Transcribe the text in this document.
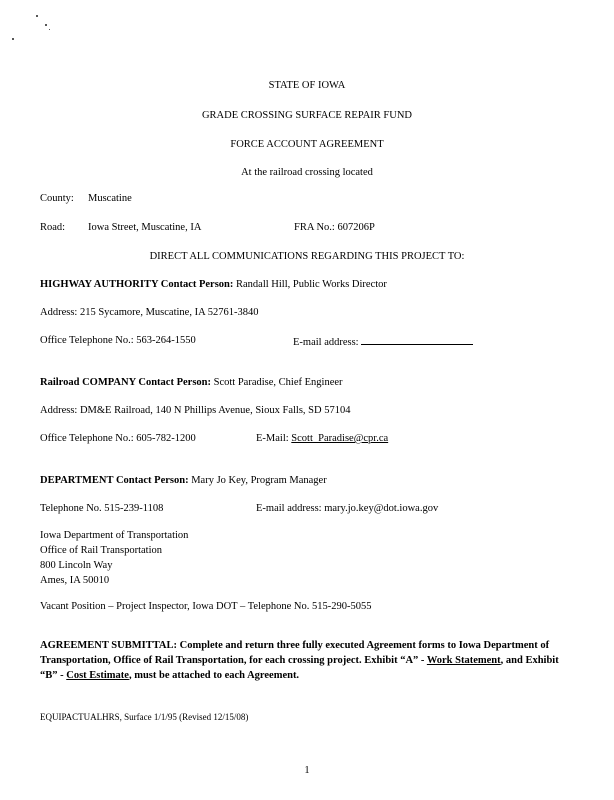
STATE OF IOWA
GRADE CROSSING SURFACE REPAIR FUND
FORCE ACCOUNT AGREEMENT
At the railroad crossing located
County: Muscatine
Road: Iowa Street, Muscatine, IA	FRA No.: 607206P
DIRECT ALL COMMUNICATIONS REGARDING THIS PROJECT TO:
HIGHWAY AUTHORITY Contact Person: Randall Hill, Public Works Director
Address: 215 Sycamore, Muscatine, IA 52761-3840
Office Telephone No.: 563-264-1550	E-mail address:
Railroad COMPANY Contact Person: Scott Paradise, Chief Engineer
Address: DM&E Railroad, 140 N Phillips Avenue, Sioux Falls, SD 57104
Office Telephone No.: 605-782-1200	E-Mail: Scott_Paradise@cpr.ca
DEPARTMENT Contact Person: Mary Jo Key, Program Manager
Telephone No. 515-239-1108	E-mail address: mary.jo.key@dot.iowa.gov
Iowa Department of Transportation
Office of Rail Transportation
800 Lincoln Way
Ames, IA 50010
Vacant Position – Project Inspector, Iowa DOT – Telephone No. 515-290-5055
AGREEMENT SUBMITTAL: Complete and return three fully executed Agreement forms to Iowa Department of Transportation, Office of Rail Transportation, for each crossing project. Exhibit “A” - Work Statement, and Exhibit “B” - Cost Estimate, must be attached to each Agreement.
EQUIPACTUALHRS, Surface 1/1/95 (Revised 12/15/08)
1
